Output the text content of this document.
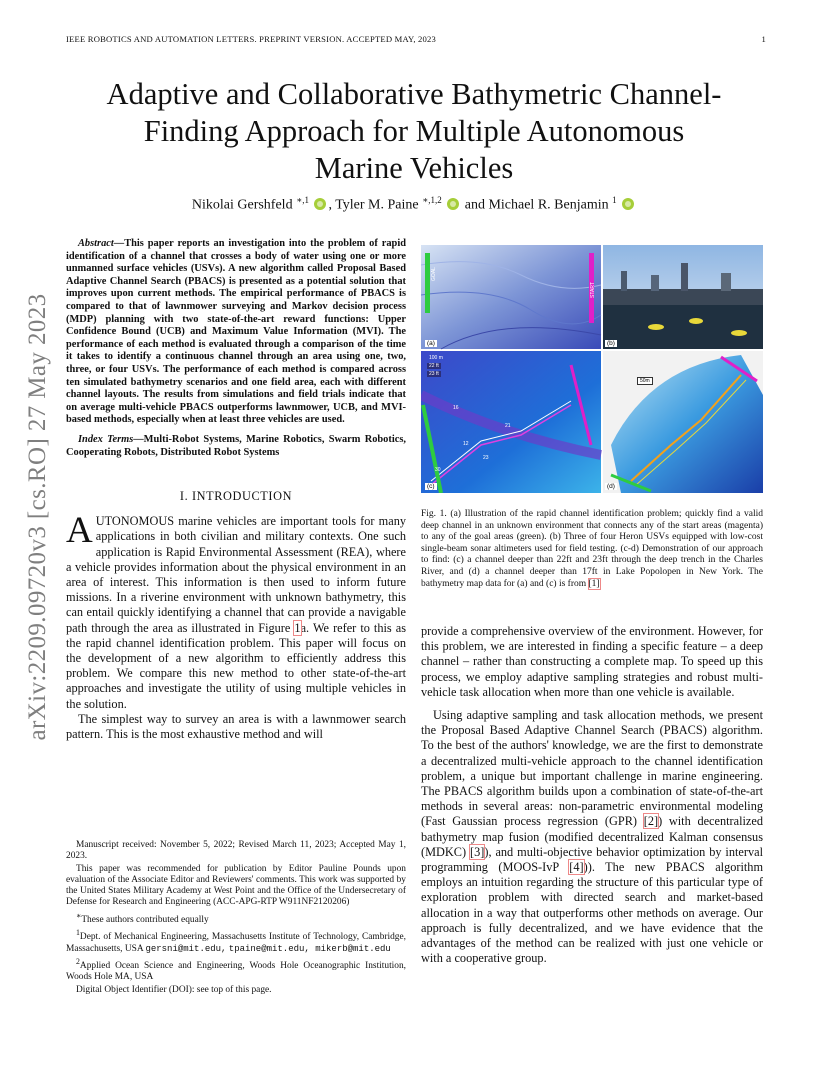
IEEE ROBOTICS AND AUTOMATION LETTERS. PREPRINT VERSION. ACCEPTED MAY, 2023	1
arXiv:2209.09720v3 [cs.RO] 27 May 2023
Adaptive and Collaborative Bathymetric Channel-Finding Approach for Multiple Autonomous Marine Vehicles
Nikolai Gershfeld $^{∗,1}$ , Tyler M. Paine $^{∗,1,2}$ and Michael R. Benjamin $^1$

Abstract—This paper reports an investigation into the problem of rapid identification of a channel that crosses a body of water using one or more unmanned surface vehicles (USVs). A new algorithm called Proposal Based Adaptive Channel Search (PBACS) is presented as a potential solution that improves upon current methods. The empirical performance of PBACS is compared to that of lawnmower surveying and Markov decision process (MDP) planning with two state-of-the-art reward functions: Upper Confidence Bound (UCB) and Maximum Value Information (MVI). The performance of each method is evaluated through a comparison of the time it takes to identify a continuous channel through an area using one, two, three, or four USVs. The performance of each method is compared across ten simulated bathymetry scenarios and one field area, each with different channel layouts. The results from simulations and field trials indicate that on average multi-vehicle PBACS outperforms lawnmower, UCB, and MVI-based methods, especially when at least three vehicles are used.

Index Terms—Multi-Robot Systems, Marine Robotics, Swarm Robotics, Cooperating Robots, Distributed Robot Systems

I. INTRODUCTION

AUTONOMOUS marine vehicles are important tools for many applications in both civilian and military contexts. One such application is Rapid Environmental Assessment (REA), where a vehicle provides information about the physical environment in an area of interest. This information is then used to inform future missions. In a riverine environment with unknown bathymetry, this can entail quickly identifying a channel that can provide a navigable path through the area as illustrated in Figure 1a. We refer to this as the rapid channel identification problem. This paper will focus on the development of a new algorithm to efficiently address this problem. We compare this new method to other state-of-the-art approaches and investigate the utility of using multiple vehicles in the solution.

The simplest way to survey an area is with a lawnmower search pattern. This is the most exhaustive method and will

Manuscript received: November 5, 2022; Revised March 11, 2023; Accepted May 1, 2023.

This paper was recommended for publication by Editor Pauline Pounds upon evaluation of the Associate Editor and Reviewers' comments. This work was supported by the United States Military Academy at West Point and the Office of the Undersecretary of Defense for Research and Engineering (ACC-APG-RTP W911NF2120206)

∗These authors contributed equally

$^1$Dept. of Mechanical Engineering, Massachusetts Institute of Technology, Cambridge, Massachusetts, USA gersni@mit.edu, tpaine@mit.edu, mikerb@mit.edu

$^2$Applied Ocean Science and Engineering, Woods Hole Oceanographic Institution, Woods Hole MA, USA

Digital Object Identifier (DOI): see top of this page.

(a)	(b)
(c)	(d)
GOAL
START
100 m
22 ft
23 ft
16
21
23
30
12
50m
Fig. 1. (a) Illustration of the rapid channel identification problem; quickly find a valid deep channel in an unknown environment that connects any of the start areas (magenta) to any of the goal areas (green). (b) Three of four Heron USVs equipped with low-cost single-beam sonar altimeters used for field testing. (c-d) Demonstration of our approach to find: (c) a channel deeper than 22ft and 23ft through the deep trench in the Charles River, and (d) a channel deeper than 17ft in Lake Popolopen in New York. The bathymetry map data for (a) and (c) is from [1]

provide a comprehensive overview of the environment. However, for this problem, we are interested in finding a specific feature – a deep channel – rather than constructing a complete map. To speed up this process, we employ adaptive sampling strategies and robust multi-vehicle task allocation when more than one vehicle is available.

Using adaptive sampling and task allocation methods, we present the Proposal Based Adaptive Channel Search (PBACS) algorithm. To the best of the authors' knowledge, we are the first to demonstrate a decentralized multi-vehicle approach to the channel identification problem, a unique but important challenge in marine engineering. The PBACS algorithm builds upon a combination of state-of-the-art methods in several areas: non-parametric environmental modeling (Fast Gaussian process regression (GPR) [2]) with decentralized bathymetry map fusion (modified decentralized Kalman consensus (MDKC) [3]), and multi-objective behavior optimization by interval programming (MOOS-IvP [4])). The new PBACS algorithm employs an intuition regarding the structure of this particular type of exploration problem with directed search and market-based allocation in a way that outperforms other methods on average. Our approach is fully decentralized, and we have evidence that the advantages of the method can be realized with just one vehicle or with a cooperative group.
